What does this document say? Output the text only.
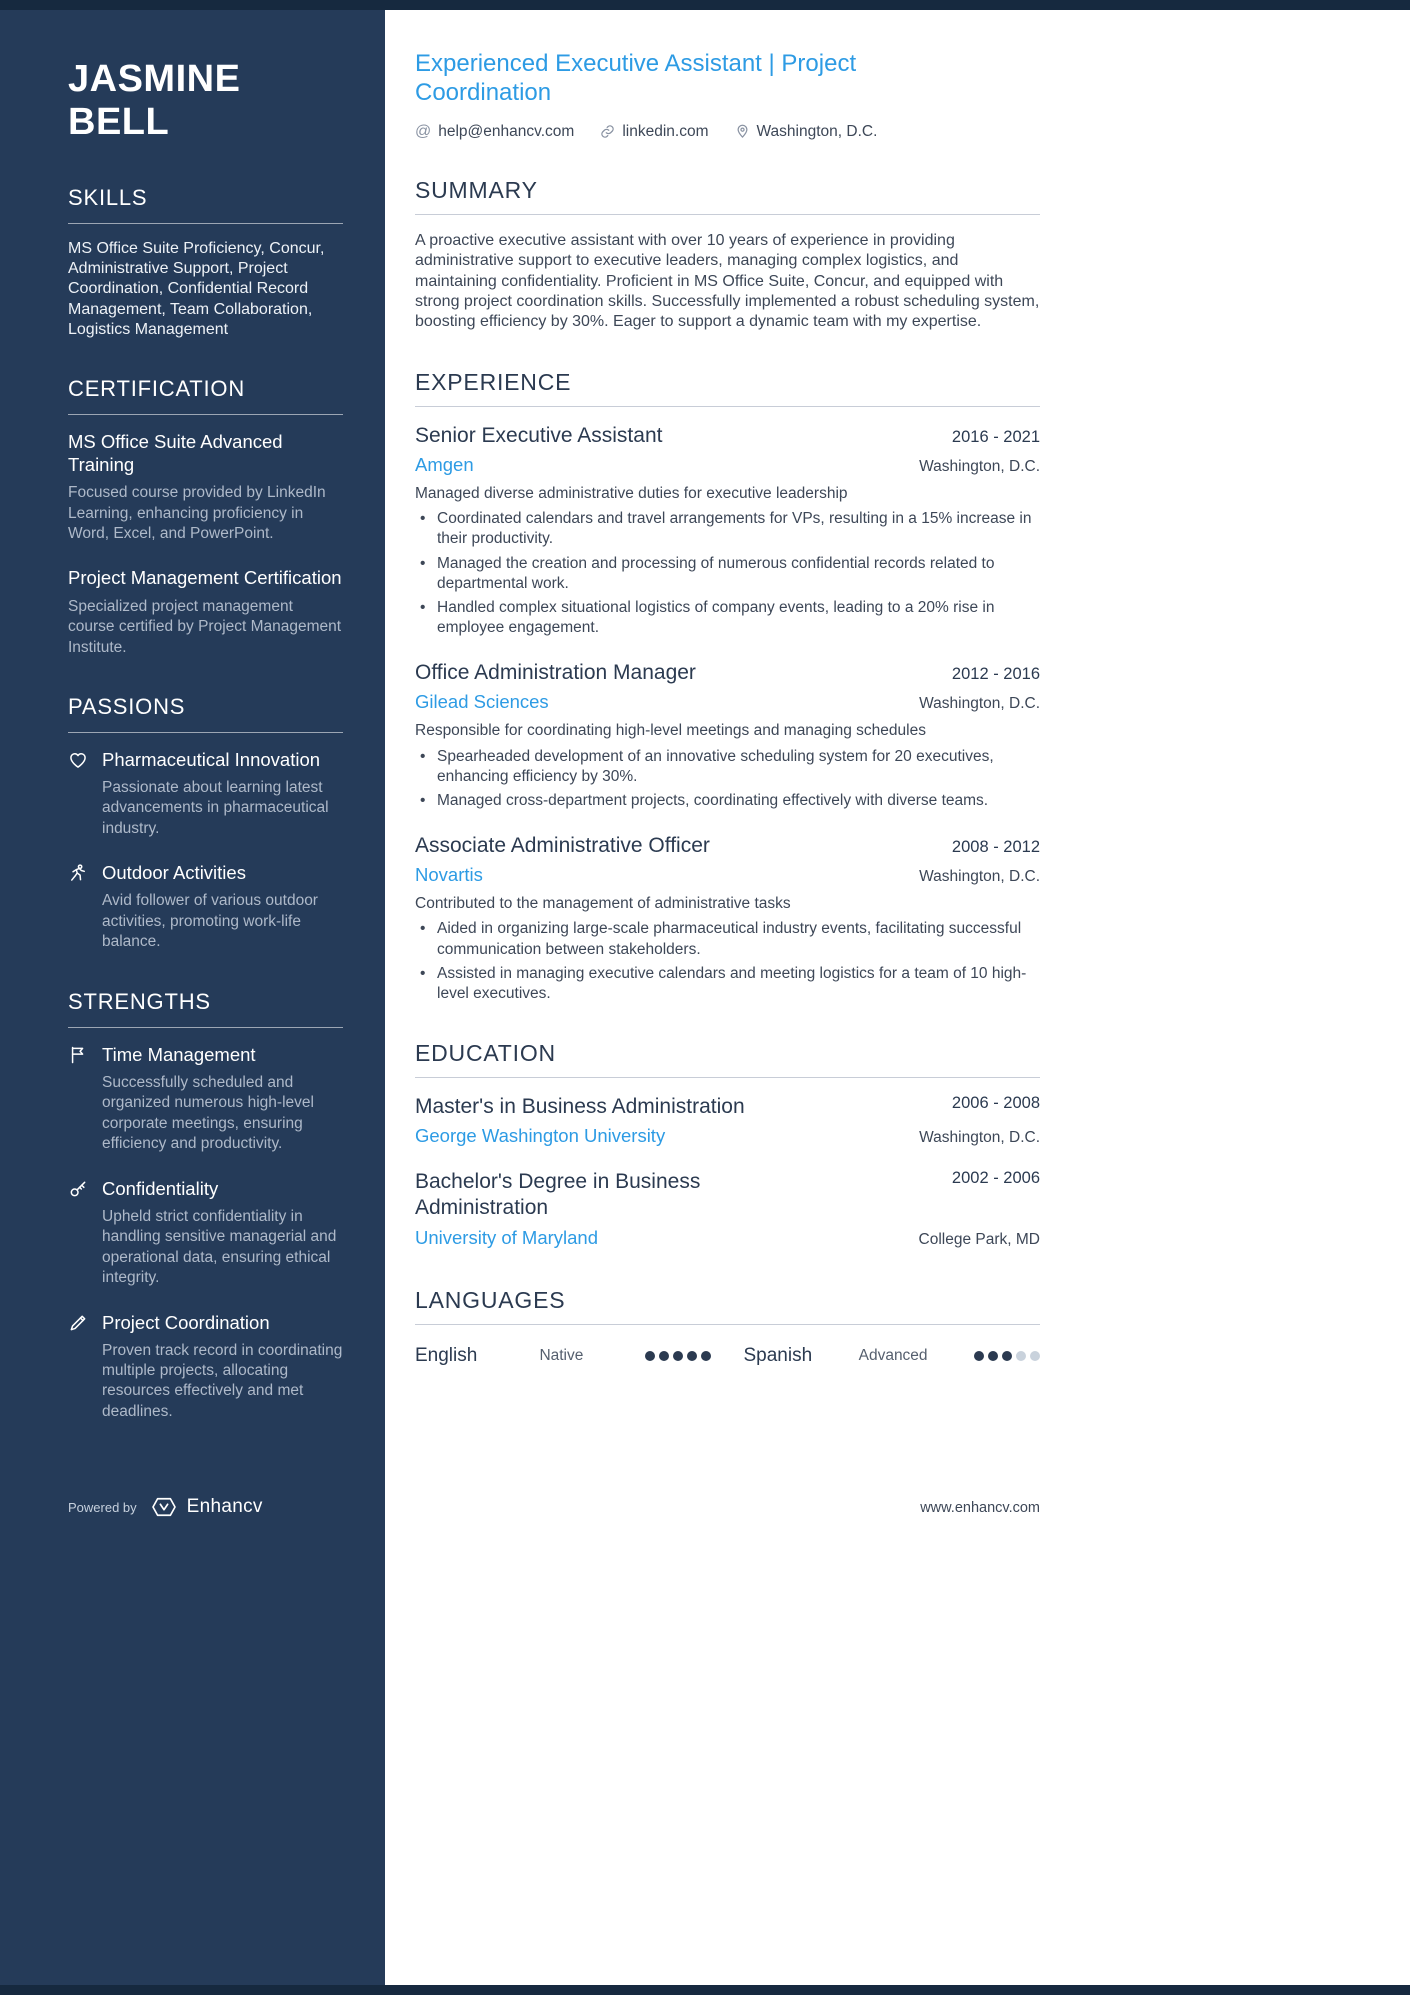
JASMINE BELL
SKILLS

MS Office Suite Proficiency, Concur, Administrative Support, Project Coordination, Confidential Record Management, Team Collaboration, Logistics Management

CERTIFICATION
MS Office Suite Advanced Training

Focused course provided by LinkedIn Learning, enhancing proficiency in Word, Excel, and PowerPoint.

Project Management Certification

Specialized project management course certified by Project Management Institute.

PASSIONS
Pharmaceutical Innovation

Passionate about learning latest advancements in pharmaceutical industry.

Outdoor Activities

Avid follower of various outdoor activities, promoting work-life balance.

STRENGTHS
Time Management

Successfully scheduled and organized numerous high-level corporate meetings, ensuring efficiency and productivity.

Confidentiality

Upheld strict confidentiality in handling sensitive managerial and operational data, ensuring ethical integrity.

Project Coordination

Proven track record in coordinating multiple projects, allocating resources effectively and met deadlines.

Powered by	Enhancv
Experienced Executive Assistant | Project Coordination
@ help@enhancv.com	linkedin.com	Washington, D.C.
SUMMARY

A proactive executive assistant with over 10 years of experience in providing administrative support to executive leaders, managing complex logistics, and maintaining confidentiality. Proficient in MS Office Suite, Concur, and equipped with strong project coordination skills. Successfully implemented a robust scheduling system, boosting efficiency by 30%. Eager to support a dynamic team with my expertise.

EXPERIENCE
Senior Executive Assistant	2016 - 2021
Amgen	Washington, D.C.

Managed diverse administrative duties for executive leadership

• Coordinated calendars and travel arrangements for VPs, resulting in a 15% increase in their productivity.
• Managed the creation and processing of numerous confidential records related to departmental work.
• Handled complex situational logistics of company events, leading to a 20% rise in employee engagement.
Office Administration Manager	2012 - 2016
Gilead Sciences	Washington, D.C.

Responsible for coordinating high-level meetings and managing schedules

• Spearheaded development of an innovative scheduling system for 20 executives, enhancing efficiency by 30%.
• Managed cross-department projects, coordinating effectively with diverse teams.
Associate Administrative Officer	2008 - 2012
Novartis	Washington, D.C.

Contributed to the management of administrative tasks

• Aided in organizing large-scale pharmaceutical industry events, facilitating successful communication between stakeholders.
• Assisted in managing executive calendars and meeting logistics for a team of 10 high-level executives.
EDUCATION
Master's in Business Administration	2006 - 2008
George Washington University	Washington, D.C.
Bachelor's Degree in Business Administration
2002 - 2006
University of Maryland	College Park, MD
LANGUAGES
English	Native	Spanish	Advanced
www.enhancv.com
